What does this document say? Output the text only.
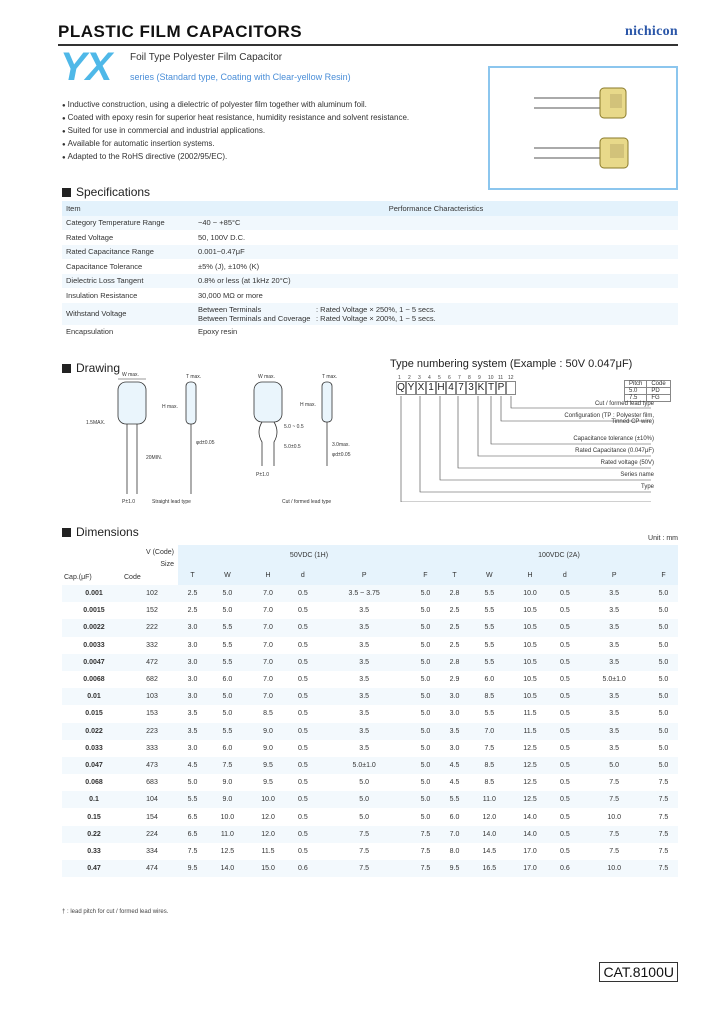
PLASTIC FILM CAPACITORS	nichicon
YX Foil Type Polyester Film Capacitor
series (Standard type, Coating with Clear-yellow Resin)
● Inductive construction, using a dielectric of polyester film together with aluminum foil.
● Coated with epoxy resin for superior heat resistance, humidity resistance and solvent resistance.
● Suited for use in commercial and industrial applications.
● Available for automatic insertion systems.
● Adapted to the RoHS directive (2002/95/EC).
Specifications
Item	Performance Characteristics
Category Temperature Range	−40 ~ +85°C
Rated Voltage	50, 100V D.C.
Rated Capacitance Range	0.001~0.47μF
Capacitance Tolerance	±5% (J), ±10% (K)
Dielectric Loss Tangent	0.8% or less (at 1kHz 20°C)
Insulation Resistance	30,000 MΩ or more
Withstand Voltage	Between Terminals : Rated Voltage × 250%, 1 ~ 5 secs.
Between Terminals and Coverage : Rated Voltage × 200%, 1 ~ 5 secs.

Encapsulation	Epoxy resin
Drawing W max.
1.5MAX.
20MIN.
P±1.0
T max.
H max.
φd±0.05
Straight lead type
W max.
5.0 ~ 0.5
5.0±0.5
P±1.0
T max.
H max.
3.0max.
φd±0.05
Cut / formed lead type
Type numbering system (Example : 50V 0.047μF)
1	2	3	4	5	6	7	8	9	10 11 12
Q Y X 1 H 4 7 3 K T P	Pitch	Code
5.0	PD
7.5	FG
Cut / formed lead type
Configuration (TP : Polyester film,
Tinned CP wire)
Capacitance tolerance (±10%)
Rated Capacitance (0.047μF)
Rated voltage (50V)
Series name
Type
Dimensions	Unit : mm
V (Code)
Size
Cap.(μF) Code		50VDC (1H)						100VDC (2A)					
		T	W	H	d	P	F	T	W	H	d	P	F
0.001	102	2.5	5.0	7.0	0.5	3.5 ~ 3.75	5.0	2.8	5.5	10.0	0.5	3.5	5.0
0.0015	152	2.5	5.0	7.0	0.5	3.5	5.0	2.5	5.5	10.5	0.5	3.5	5.0
0.0022	222	3.0	5.5	7.0	0.5	3.5	5.0	2.5	5.5	10.5	0.5	3.5	5.0
0.0033	332	3.0	5.5	7.0	0.5	3.5	5.0	2.5	5.5	10.5	0.5	3.5	5.0
0.0047	472	3.0	5.5	7.0	0.5	3.5	5.0	2.8	5.5	10.5	0.5	3.5	5.0
0.0068	682	3.0	6.0	7.0	0.5	3.5	5.0	2.9	6.0	10.5	0.5	5.0±1.0	5.0
0.01	103	3.0	5.0	7.0	0.5	3.5	5.0	3.0	8.5	10.5	0.5	3.5	5.0
0.015	153	3.5	5.0	8.5	0.5	3.5	5.0	3.0	5.5	11.5	0.5	3.5	5.0
0.022	223	3.5	5.5	9.0	0.5	3.5	5.0	3.5	7.0	11.5	0.5	3.5	5.0
0.033	333	3.0	6.0	9.0	0.5	3.5	5.0	3.0	7.5	12.5	0.5	3.5	5.0
0.047	473	4.5	7.5	9.5	0.5	5.0±1.0	5.0	4.5	8.5	12.5	0.5	5.0	5.0
0.068	683	5.0	9.0	9.5	0.5	5.0	5.0	4.5	8.5	12.5	0.5	7.5	7.5
0.1	104	5.5	9.0	10.0	0.5	5.0	5.0	5.5	11.0	12.5	0.5	7.5	7.5
0.15	154	6.5	10.0	12.0	0.5	5.0	5.0	6.0	12.0	14.0	0.5	10.0	7.5
0.22	224	6.5	11.0	12.0	0.5	7.5	7.5	7.0	14.0	14.0	0.5	7.5	7.5
0.33	334	7.5	12.5	11.5	0.5	7.5	7.5	8.0	14.5	17.0	0.5	7.5	7.5
0.47	474	9.5	14.0	15.0	0.6	7.5	7.5	9.5	16.5	17.0	0.6	10.0	7.5
† : lead pitch for cut / formed lead wires.
CAT.8100U
